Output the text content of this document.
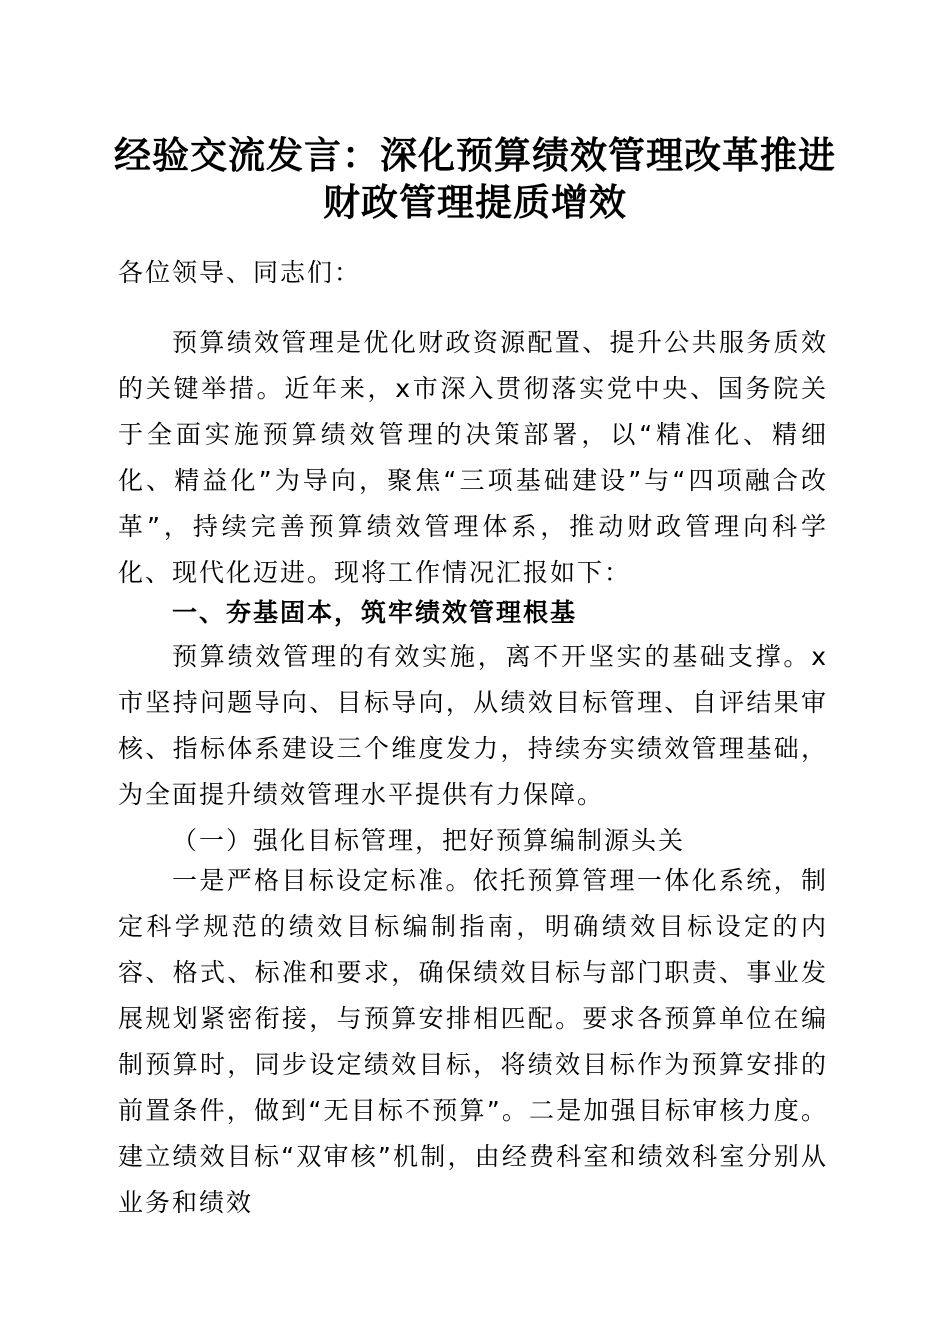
经验交流发言：深化预算绩效管理改革推进财政管理提质增效
各位领导、同志们：
预算绩效管理是优化财政资源配置、提升公共服务质效的关键举措。近年来，x市深入贯彻落实党中央、国务院关于全面实施预算绩效管理的决策部署，以“精准化、精细化、精益化”为导向，聚焦“三项基础建设”与“四项融合改革”，持续完善预算绩效管理体系，推动财政管理向科学化、现代化迈进。现将工作情况汇报如下：
一、夯基固本，筑牢绩效管理根基
预算绩效管理的有效实施，离不开坚实的基础支撑。x市坚持问题导向、目标导向，从绩效目标管理、自评结果审核、指标体系建设三个维度发力，持续夯实绩效管理基础，为全面提升绩效管理水平提供有力保障。
（一）强化目标管理，把好预算编制源头关
一是严格目标设定标准。依托预算管理一体化系统，制定科学规范的绩效目标编制指南，明确绩效目标设定的内容、格式、标准和要求，确保绩效目标与部门职责、事业发展规划紧密衔接，与预算安排相匹配。要求各预算单位在编制预算时，同步设定绩效目标，将绩效目标作为预算安排的前置条件，做到“无目标不预算”。二是加强目标审核力度。建立绩效目标“双审核”机制，由经费科室和绩效科室分别从业务和绩效
